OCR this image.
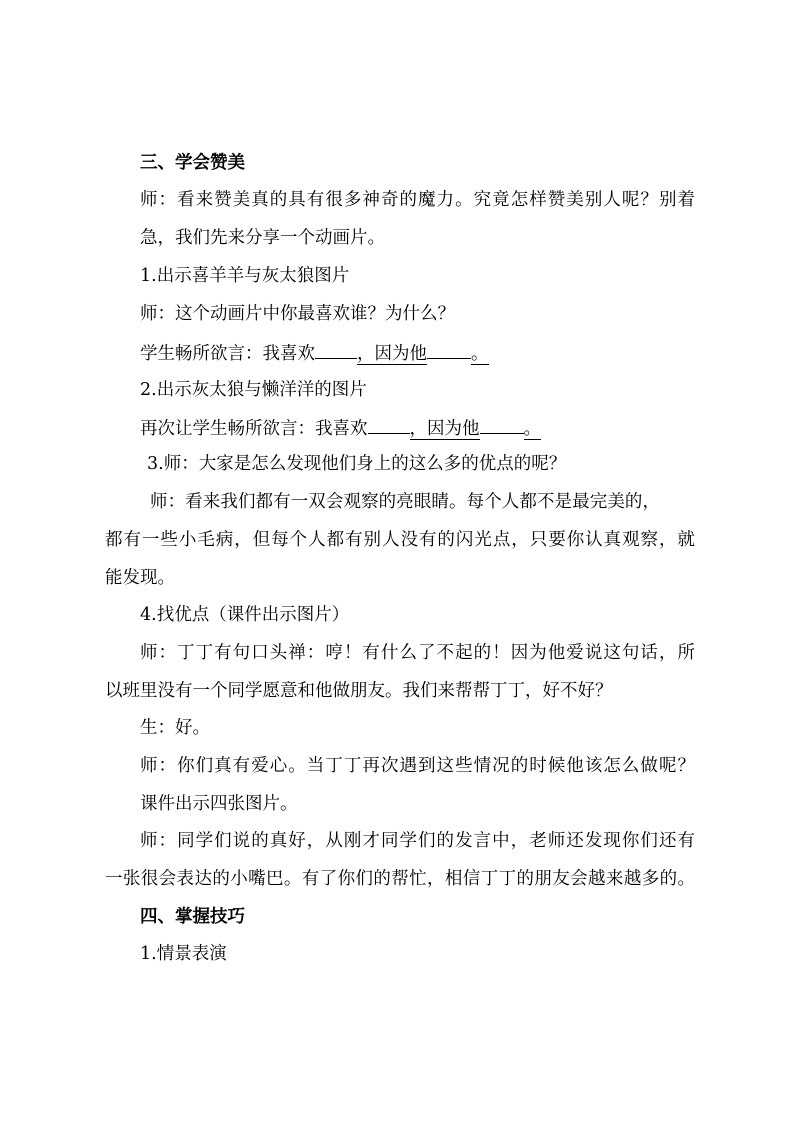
三、学会赞美
师：看来赞美真的具有很多神奇的魔力。究竟怎样赞美别人呢？别着
急，我们先来分享一个动画片。
1.出示喜羊羊与灰太狼图片
师：这个动画片中你最喜欢谁？为什么？
学生畅所欲言：我喜欢 ，因为他	。
2.出示灰太狼与懒洋洋的图片
再次让学生畅所欲言：我喜欢 ，因为他	。
3.师：大家是怎么发现他们身上的这么多的优点的呢？
师：看来我们都有一双会观察的亮眼睛。每个人都不是最完美的，
都有一些小毛病，但每个人都有别人没有的闪光点，只要你认真观察，就
能发现。
4.找优点（课件出示图片）
师：丁丁有句口头禅：哼！有什么了不起的！因为他爱说这句话，所
以班里没有一个同学愿意和他做朋友。我们来帮帮丁丁，好不好？
生：好。
师：你们真有爱心。当丁丁再次遇到这些情况的时候他该怎么做呢？
课件出示四张图片。
师：同学们说的真好，从刚才同学们的发言中，老师还发现你们还有
一张很会表达的小嘴巴。有了你们的帮忙，相信丁丁的朋友会越来越多的。
四、掌握技巧
1.情景表演
